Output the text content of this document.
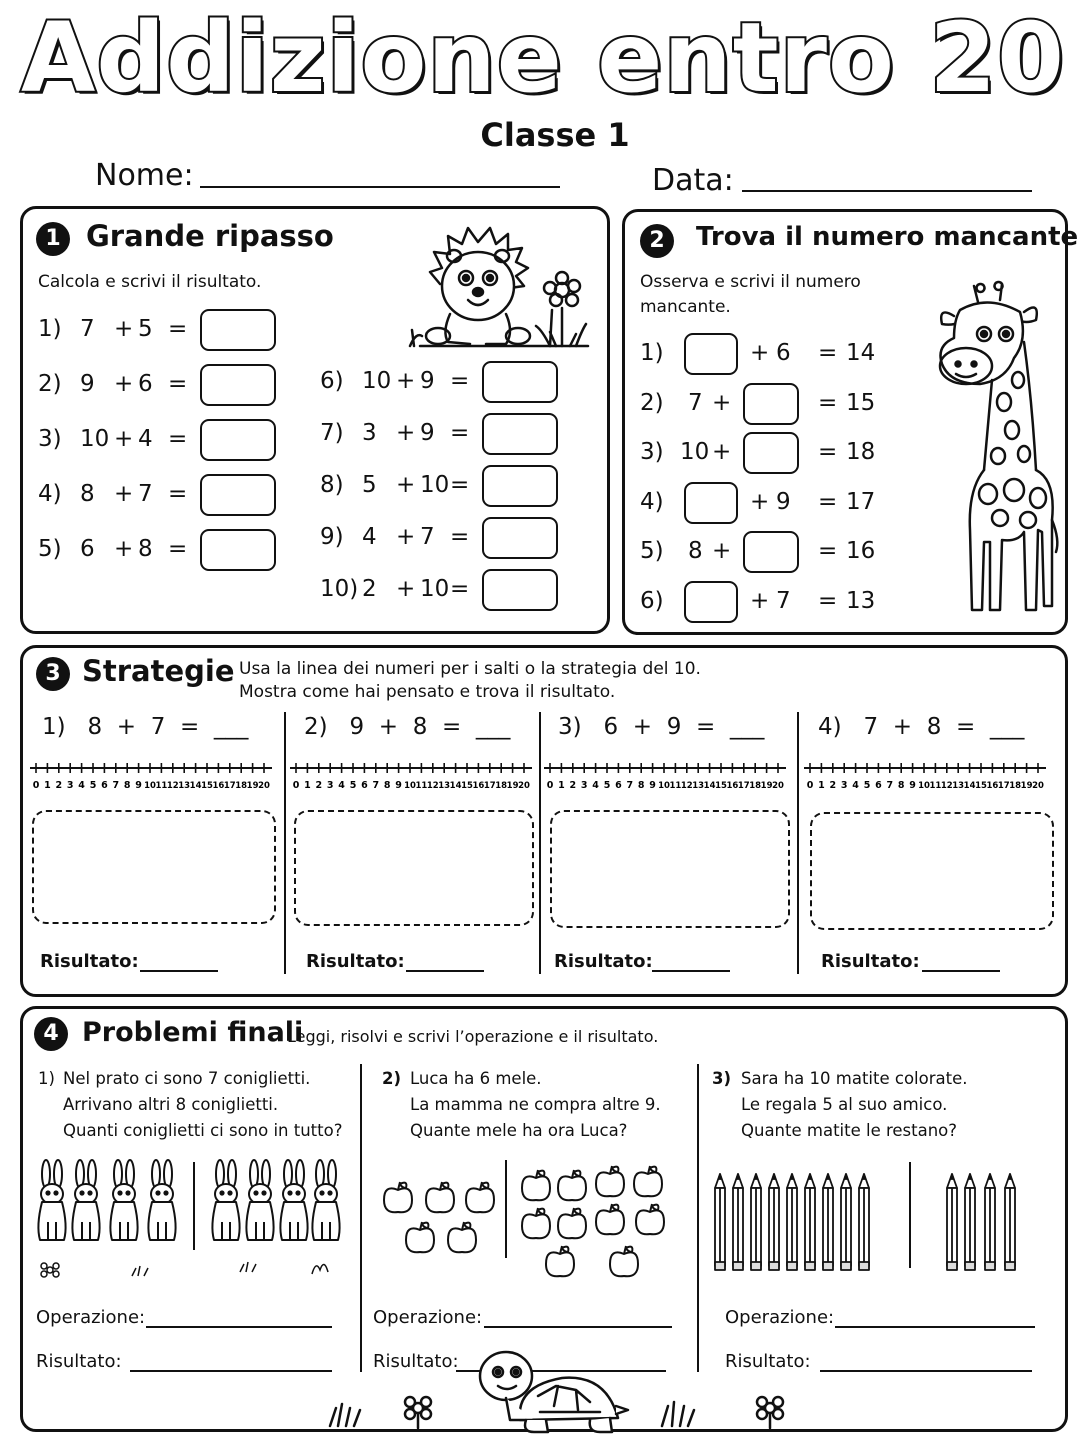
Addizione entro 20
Classe 1
Nome:	Data:
1 Grande ripasso
Calcola e scrivi il risultato.
1) 7 + 5 =
2) 9 + 6 =
3) 10 + 4 =
4) 8 + 7 =
5) 6 + 8 =
6) 10 + 9 =
7) 3 + 9 =
8) 5 + 10 =
9) 4 + 7 =
10) 2 + 10 =
2	Trova il numero mancante
Osserva e scrivi il numero
mancante.
1)	+ 6 = 14
2) 7 +	= 15
3) 10 +	= 18
4)	+ 9 = 17
5) 8 +	= 16
6)	+ 7 = 13
3 Strategie Usa la linea dei numeri per i salti o la strategia del 10.
Mostra come hai pensato e trova il risultato.
1)   8  +  7  =  ___
0 1 2 3 4 5 6 7 8 9 10 11 12 13 14 15 16 17 18 19 20
Risultato:
2)   9  +  8  =  ___
0 1 2 3 4 5 6 7 8 9 10 11 12 13 14 15 16 17 18 19 20
Risultato:
3)   6  +  9  =  ___
0 1 2 3 4 5 6 7 8 9 10 11 12 13 14 15 16 17 18 19 20
Risultato:
4)   7  +  8  =  ___
0 1 2 3 4 5 6 7 8 9 10 11 12 13 14 15 16 17 18 19 20
Risultato:
4 Problemi finali
Leggi, risolvi e scrivi l’operazione e il risultato.
1) Nel prato ci sono 7 coniglietti.
Arrivano altri 8 coniglietti.
Quanti coniglietti ci sono in tutto?
Operazione:
Risultato:
2) Luca ha 6 mele.
La mamma ne compra altre 9.
Quante mele ha ora Luca?
Operazione:
Risultato:
3) Sara ha 10 matite colorate.
Le regala 5 al suo amico.
Quante matite le restano?
Operazione:
Risultato:
